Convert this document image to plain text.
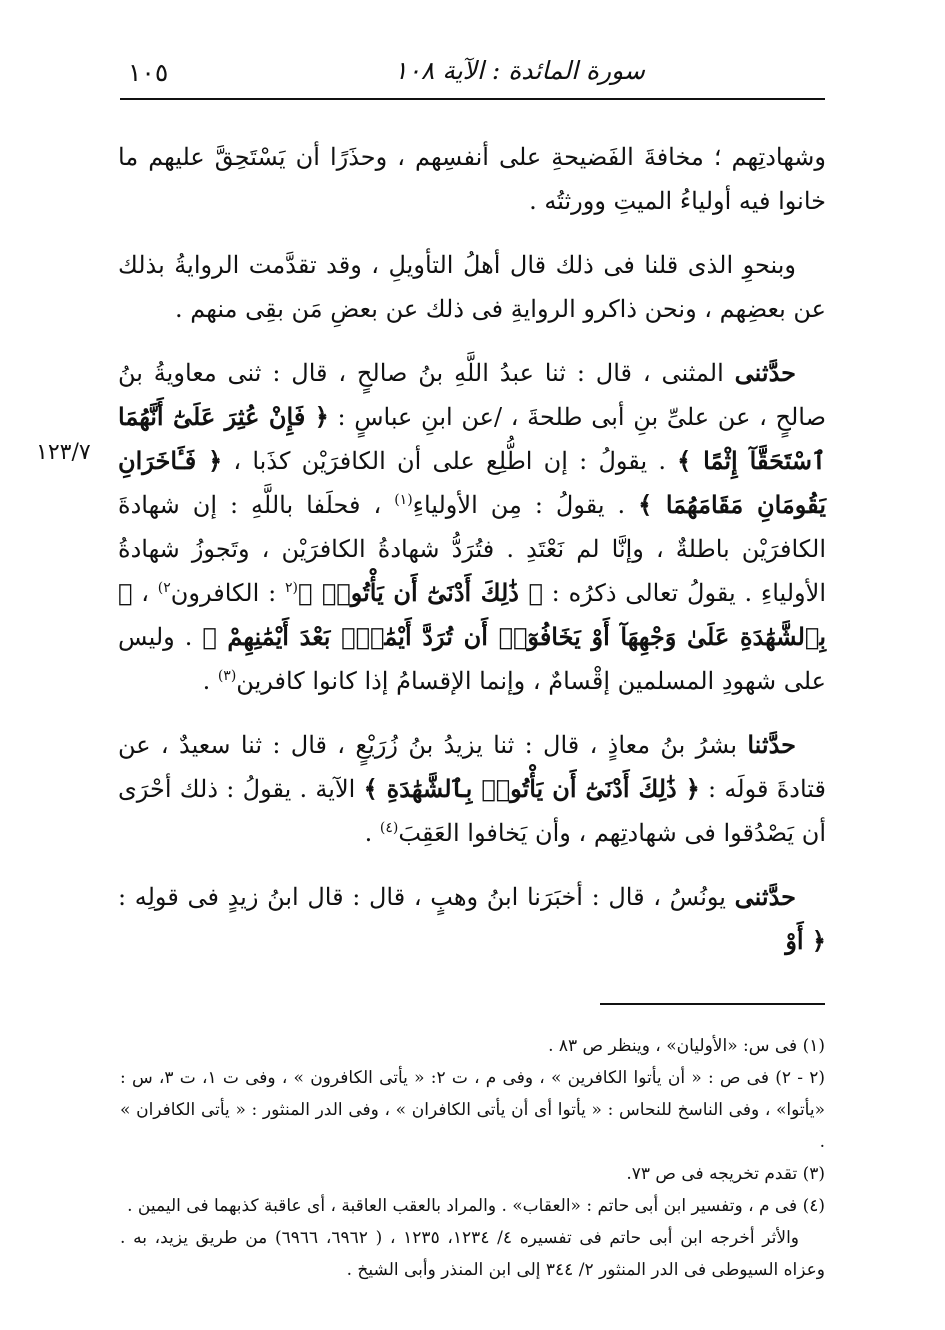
١٠٥	سورة المائدة : الآية ١٠٨
١٢٣/٧

وشهادتِهم ؛ مخافةَ الفَضيحةِ على أنفسِهم ، وحذَرًا أن يَسْتَحِقَّ عليهم ما خانوا فيه أولياءُ الميتِ وورثتُه .

وبنحوِ الذى قلنا فى ذلك قال أهلُ التأويلِ ، وقد تقدَّمت الروايةُ بذلك عن بعضِهم ، ونحن ذاكرو الروايةِ فى ذلك عن بعضِ مَن بقِى منهم .

حدَّثنى المثنى ، قال : ثنا عبدُ اللَّهِ بنُ صالحٍ ، قال : ثنى معاويةُ بنُ صالحٍ ، عن علىِّ بنِ أبى طلحةَ ، /عن ابنِ عباسٍ : ﴿ فَإِنْ عُثِرَ عَلَىٰٓ أَنَّهُمَا ٱسْتَحَقَّآ إِثْمًا ﴾ . يقولُ : إن اطُّلِع على أن الكافرَيْن كذَبا ، ﴿ فَـَٔاخَرَانِ يَقُومَانِ مَقَامَهُمَا ﴾ . يقولُ : مِن الأولياءِ$^{(١)}$ ، فحلَفا باللَّهِ : إن شهادةَ الكافرَيْن باطلةٌ ، وإنَّا لم نَعْتَدِ . فتُرَدُّ شهادةُ الكافرَيْن ، وتَجوزُ شهادةُ الأولياءِ . يقولُ تعالى ذكرُه : ﴿ ذَٰلِكَ أَدْنَىٰٓ أَن يَأْتُوا۟ ﴾$^{(٢}$ : الكافرون$^{٢)}$ ، ﴿ بِٱلشَّهَٰدَةِ عَلَىٰ وَجْهِهَآ أَوْ يَخَافُوٓا۟ أَن تُرَدَّ أَيْمَٰنٌۢ بَعْدَ أَيْمَٰنِهِمْ ﴾ . وليس على شهودِ المسلمين إقْسامٌ ، وإنما الإقسامُ إذا كانوا كافرين$^{(٣)}$ .

حدَّثنا بشرُ بنُ معاذٍ ، قال : ثنا يزيدُ بنُ زُرَيْعٍ ، قال : ثنا سعيدٌ ، عن قتادةَ قولَه : ﴿ ذَٰلِكَ أَدْنَىٰٓ أَن يَأْتُوا۟ بِٱلشَّهَٰدَةِ ﴾ الآية . يقولُ : ذلك أحْرَى أن يَصْدُقوا فى شهادتِهم ، وأن يَخافوا العَقِبَ$^{(٤)}$ .

حدَّثنى يونُسُ ، قال : أخبَرَنا ابنُ وهبٍ ، قال : قال ابنُ زيدٍ فى قولِه : ﴿ أَوْ

(١) فى س: «الأوليان» ، وينظر ص ٨٣ .

(٢ - ٢) فى ص : « أن يأتوا الكافرين » ، وفى م ، ت ٢: « يأتى الكافرون » ، وفى ت ١، ت ٣، س : «يأتوا» ، وفى الناسخ للنحاس : « يأتوا أى أن يأتى الكافران » ، وفى الدر المنثور : « يأتى الكافران » .

(٣) تقدم تخريجه فى ص ٧٣.

(٤) فى م ، وتفسير ابن أبى حاتم : «العقاب» . والمراد بالعقب العاقبة ، أى عاقبة كذبهما فى اليمين .

والأثر أخرجه ابن أبى حاتم فى تفسيره ٤/ ١٢٣٤، ١٢٣٥ ، ( ٦٩٦٢، ٦٩٦٦) من طريق يزيد، به . وعزاه السيوطى فى الدر المنثور ٢/ ٣٤٤ إلى ابن المنذر وأبى الشيخ .
